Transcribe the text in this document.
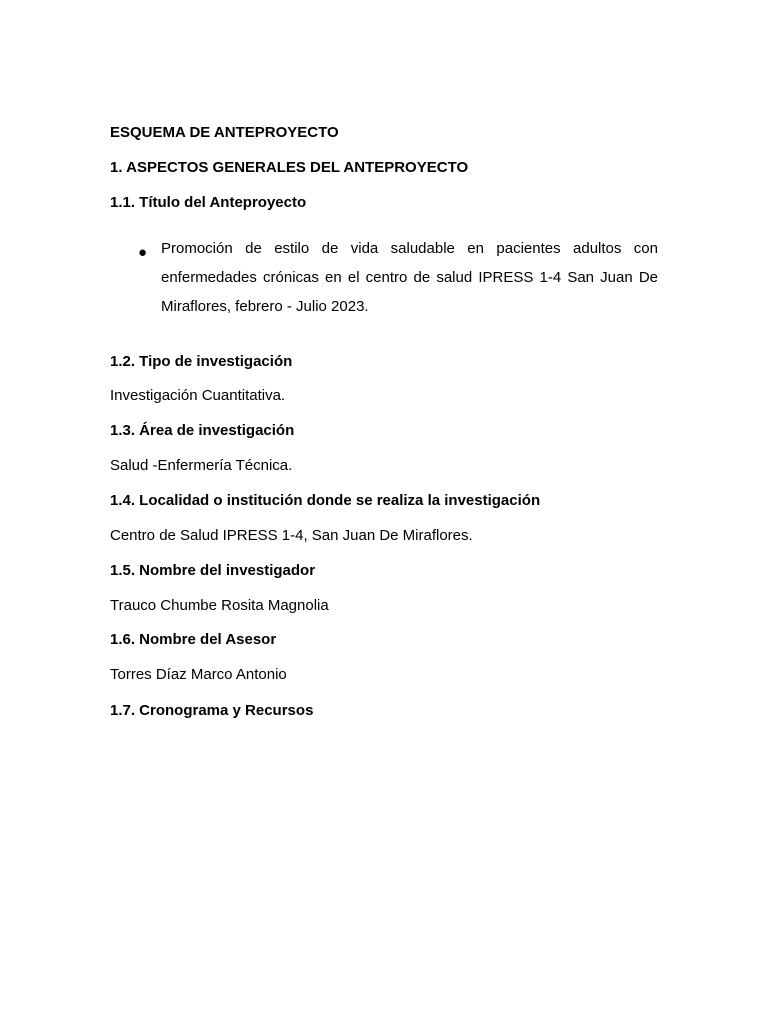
ESQUEMA DE ANTEPROYECTO

1. ASPECTOS GENERALES DEL ANTEPROYECTO

1.1. Título del Anteproyecto

● Promoción de estilo de vida saludable en pacientes adultos con enfermedades crónicas en el centro de salud IPRESS 1-4 San Juan De Miraflores, febrero - Julio 2023.

1.2. Tipo de investigación

Investigación Cuantitativa.

1.3. Área de investigación

Salud -Enfermería Técnica.

1.4. Localidad o institución donde se realiza la investigación

Centro de Salud IPRESS 1-4, San Juan De Miraflores.

1.5. Nombre del investigador

Trauco Chumbe Rosita Magnolia

1.6. Nombre del Asesor

Torres Díaz Marco Antonio

1.7. Cronograma y Recursos
